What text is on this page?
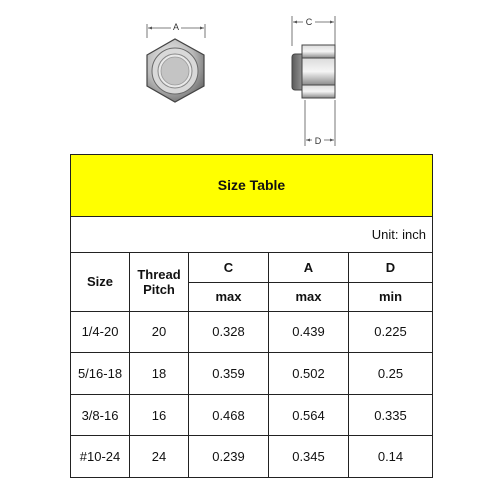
A	C
D
Size Table				
Unit: inch				
Size	Thread Pitch	C	A	D
		max	max	min
1/4-20	20	0.328	0.439	0.225
5/16-18	18	0.359	0.502	0.25
3/8-16	16	0.468	0.564	0.335
#10-24	24	0.239	0.345	0.14
